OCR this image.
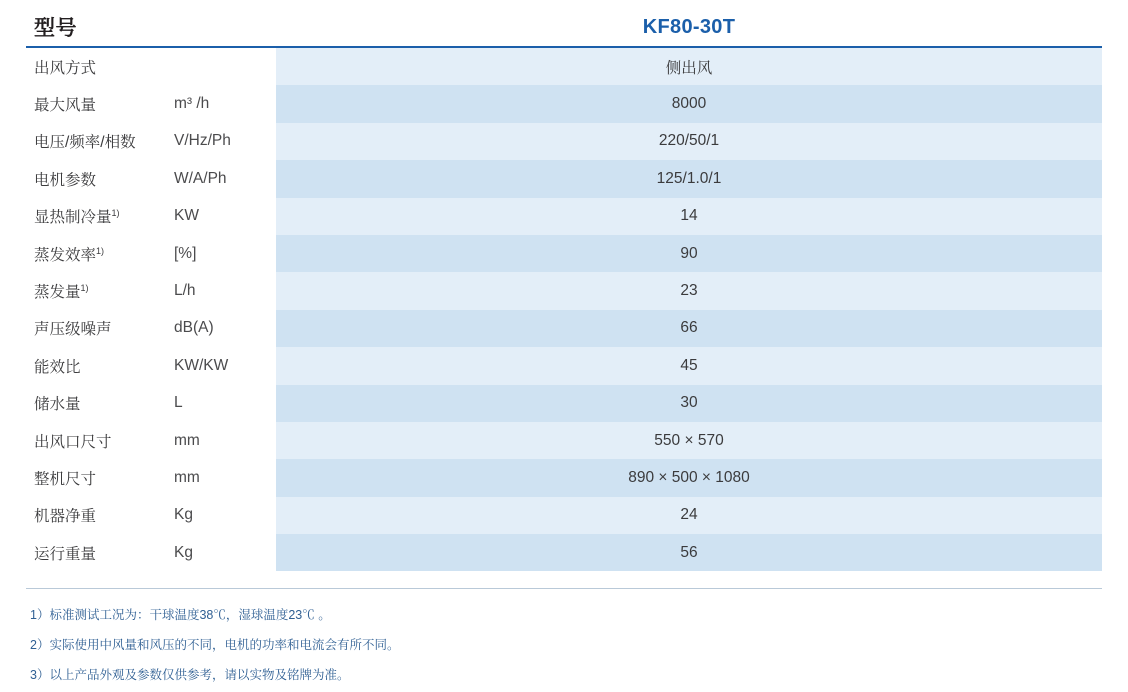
型号		KF80-30T
出风方式		侧出风
最大风量	m³ /h	8000
电压/频率/相数	V/Hz/Ph	220/50/1
电机参数	W/A/Ph	125/1.0/1
显热制冷量$^{1)}$	KW	14
蒸发效率$^{1)}$	[%]	90
蒸发量$^{1)}$	L/h	23
声压级噪声	dB(A)	66
能效比	KW/KW	45
储水量	L	30
出风口尺寸	mm	550 × 570
整机尺寸	mm	890 × 500 × 1080
机器净重	Kg	24
运行重量	Kg	56
1）标准测试工况为：干球温度38℃，湿球温度23℃ 。
2）实际使用中风量和风压的不同，电机的功率和电流会有所不同。
3）以上产品外观及参数仅供参考，请以实物及铭牌为准。
